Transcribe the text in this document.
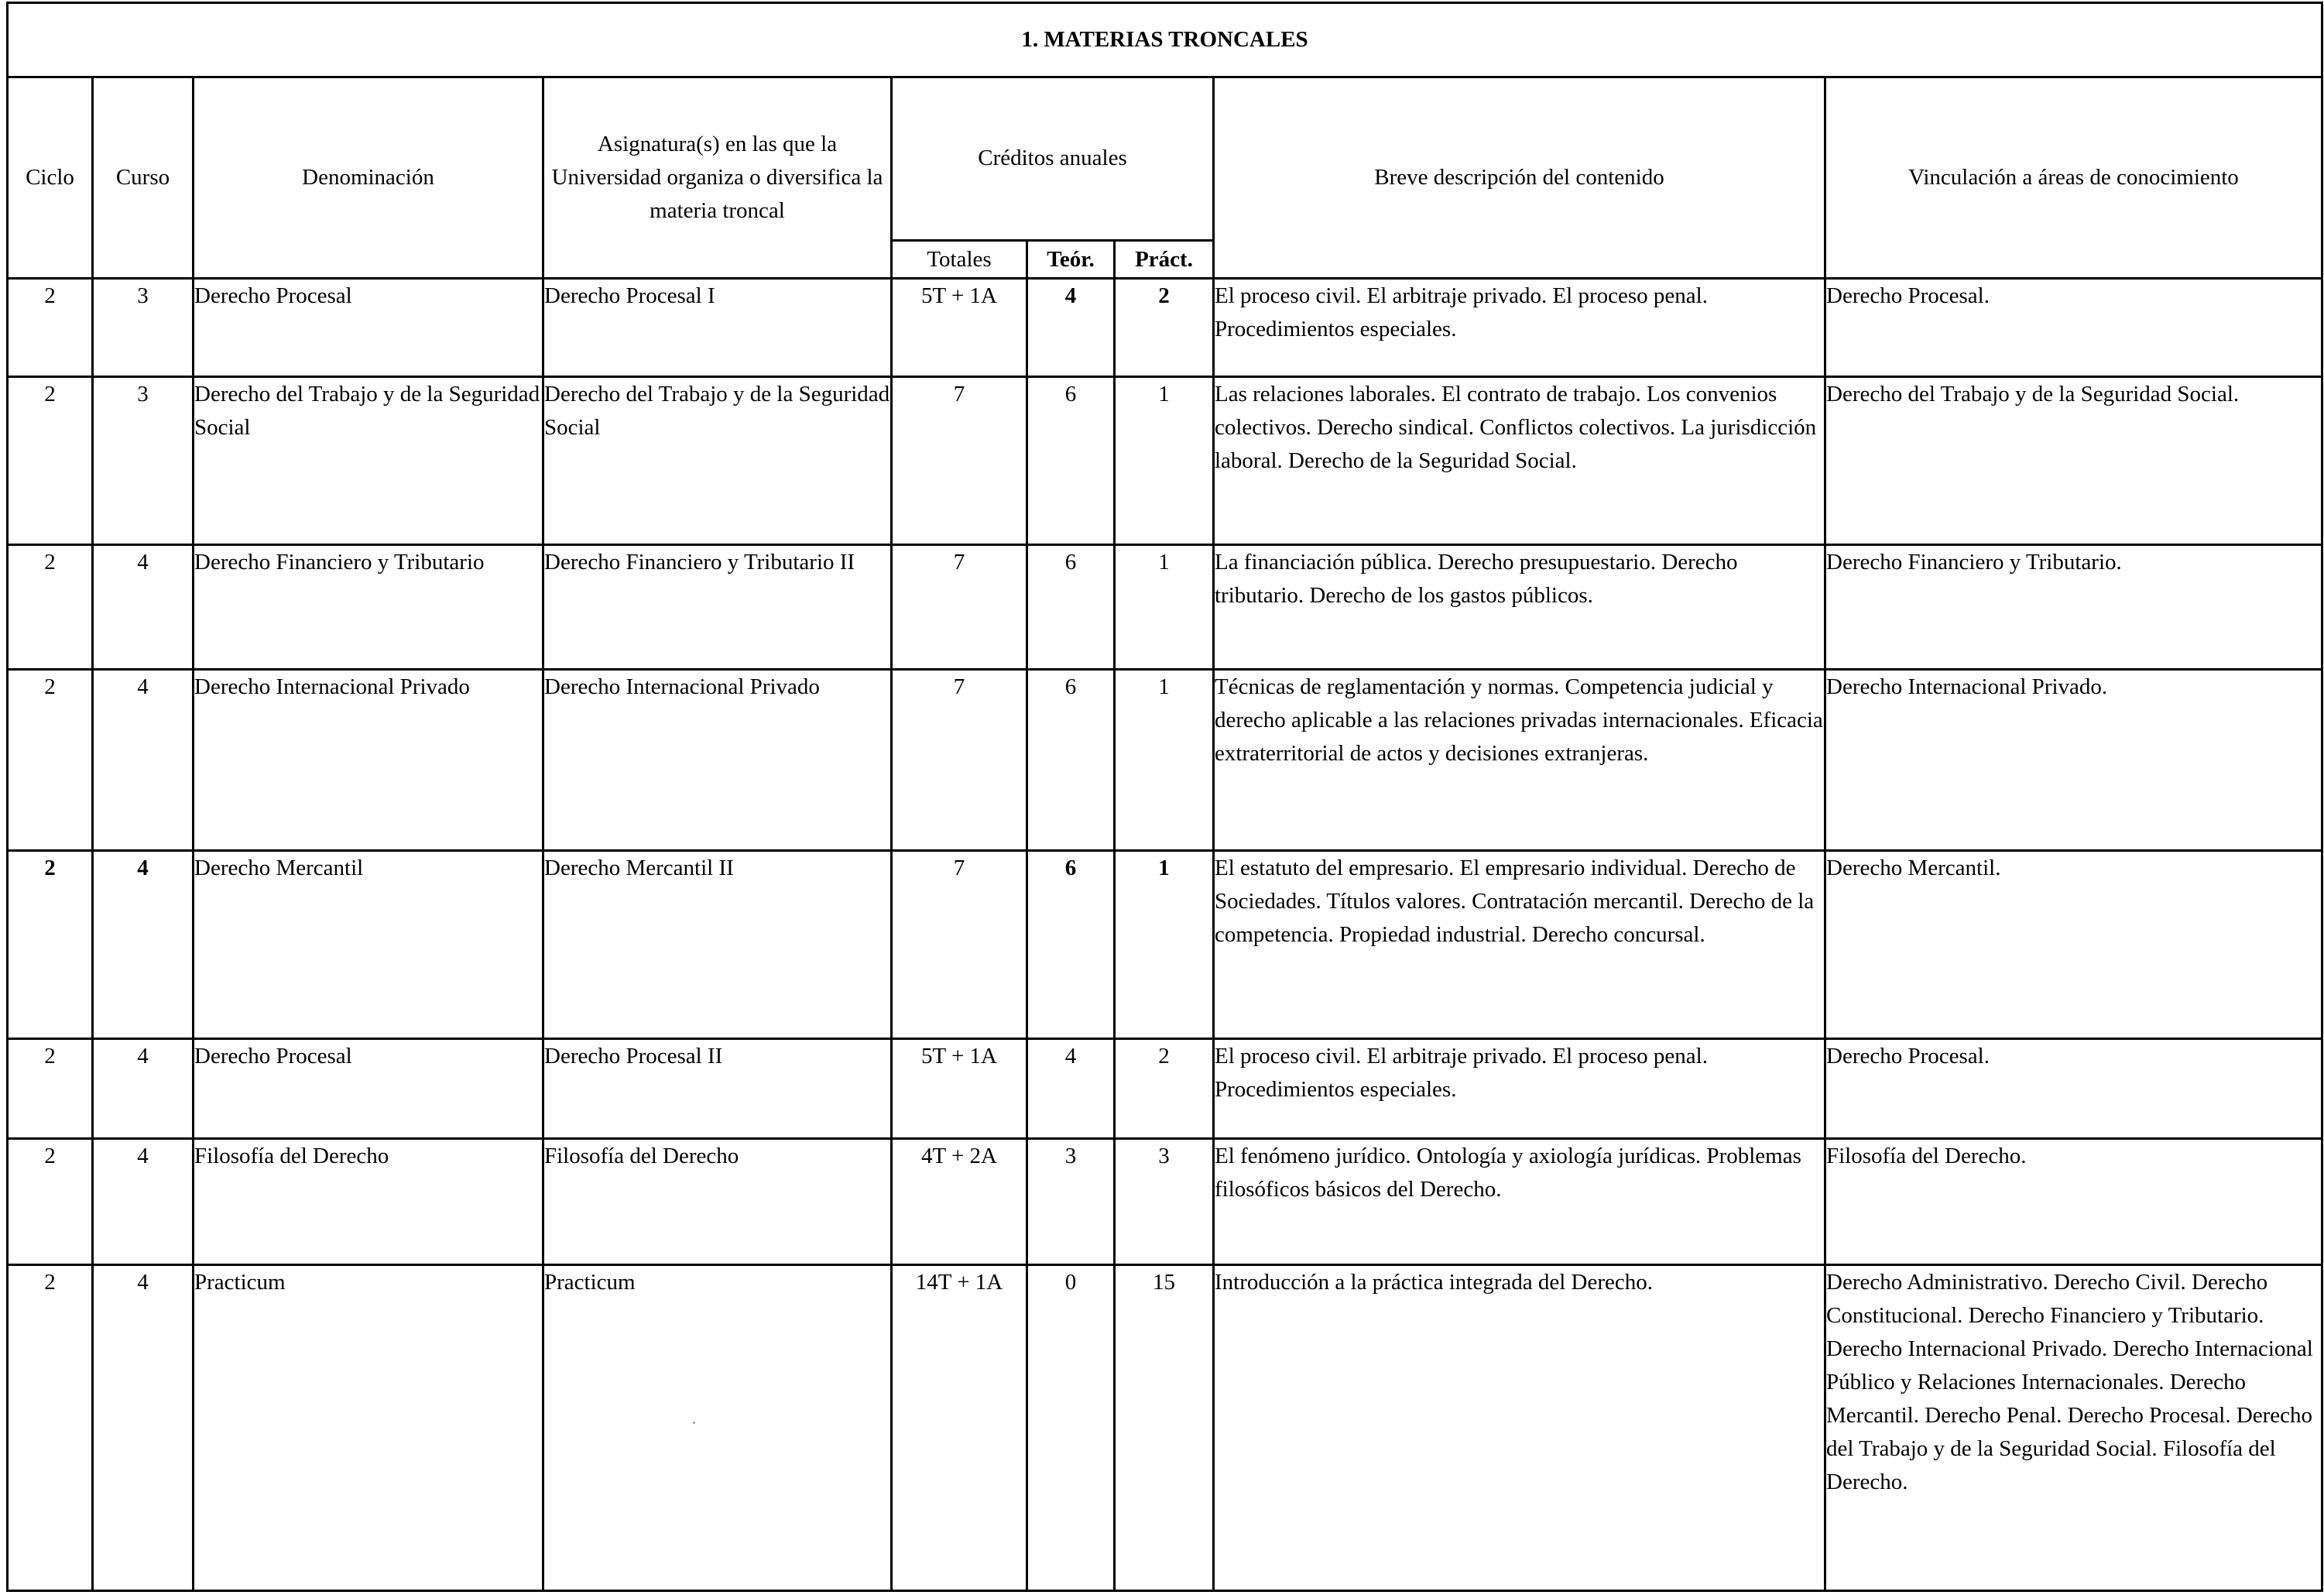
1. MATERIAS TRONCALES								
Ciclo	Curso	Denominación	Asignatura(s) en las que la Universidad organiza o diversifica la materia troncal	Créditos anuales			Breve descripción del contenido	Vinculación a áreas de conocimiento
				Totales	Teór.	Práct.		
2	3	Derecho Procesal	Derecho Procesal I	5T + 1A	4	2	El proceso civil. El arbitraje privado. El proceso penal. Procedimientos especiales.	Derecho Procesal.
2	3	Derecho del Trabajo y de la Seguridad Social	Derecho del Trabajo y de la Seguridad Social	7	6	1	Las relaciones laborales. El contrato de trabajo. Los convenios colectivos. Derecho sindical. Conflictos colectivos. La jurisdicción laboral. Derecho de la Seguridad Social.	Derecho del Trabajo y de la Seguridad Social.
2	4	Derecho Financiero y Tributario	Derecho Financiero y Tributario II	7	6	1	La financiación pública. Derecho presupuestario. Derecho tributario. Derecho de los gastos públicos.	Derecho Financiero y Tributario.
2	4	Derecho Internacional Privado	Derecho Internacional Privado	7	6	1	Técnicas de reglamentación y normas. Competencia judicial y derecho aplicable a las relaciones privadas internacionales. Eficacia extraterritorial de actos y decisiones extranjeras.	Derecho Internacional Privado.
2	4	Derecho Mercantil	Derecho Mercantil II	7	6	1	El estatuto del empresario. El empresario individual. Derecho de Sociedades. Títulos valores. Contratación mercantil. Derecho de la competencia. Propiedad industrial. Derecho concursal.	Derecho Mercantil.
2	4	Derecho Procesal	Derecho Procesal II	5T + 1A	4	2	El proceso civil. El arbitraje privado. El proceso penal. Procedimientos especiales.	Derecho Procesal.
2	4	Filosofía del Derecho	Filosofía del Derecho	4T + 2A	3	3	El fenómeno jurídico. Ontología y axiología jurídicas. Problemas filosóficos básicos del Derecho.	Filosofía del Derecho.
2	4	Practicum	Practicum	14T + 1A	0	15	Introducción a la práctica integrada del Derecho.	Derecho Administrativo. Derecho Civil. Derecho Constitucional. Derecho Financiero y Tributario. Derecho Internacional Privado. Derecho Internacional Público y Relaciones Internacionales. Derecho Mercantil. Derecho Penal. Derecho Procesal. Derecho del Trabajo y de la Seguridad Social. Filosofía del Derecho.
